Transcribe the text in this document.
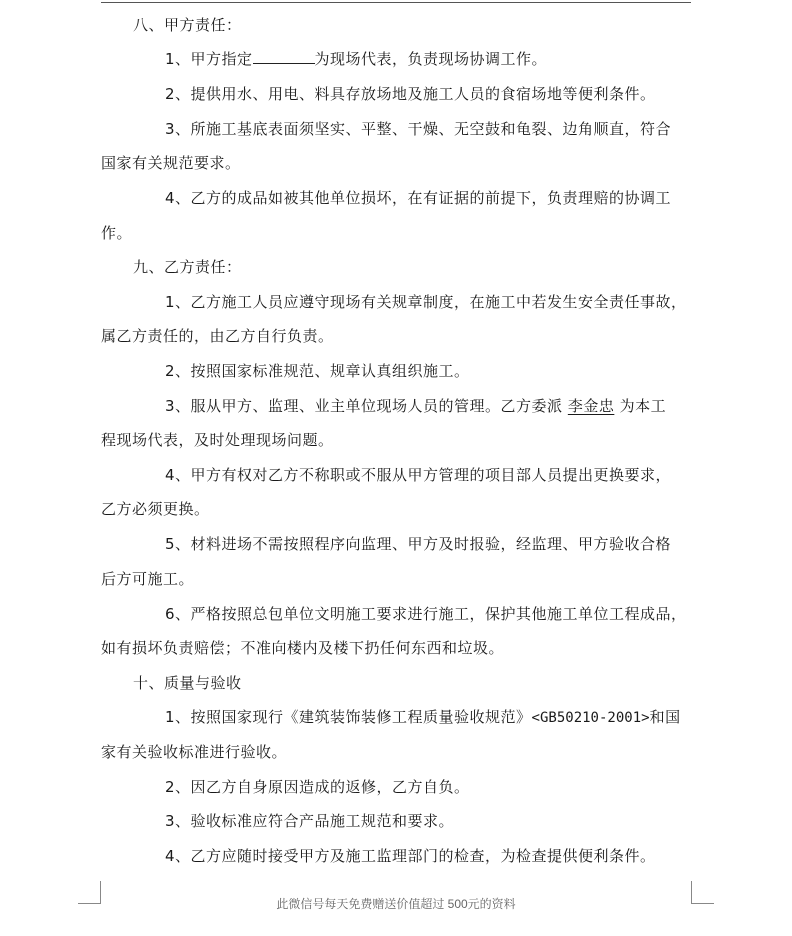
八、甲方责任：
1、甲方指定	为现场代表，负责现场协调工作。
2、提供用水、用电、料具存放场地及施工人员的食宿场地等便利条件。
3、所施工基底表面须坚实、平整、干燥、无空鼓和龟裂、边角顺直，符合
国家有关规范要求。
4、乙方的成品如被其他单位损坏，在有证据的前提下，负责理赔的协调工
作。
九、乙方责任：
1、乙方施工人员应遵守现场有关规章制度，在施工中若发生安全责任事故，
属乙方责任的，由乙方自行负责。
2、按照国家标准规范、规章认真组织施工。
3、服从甲方、监理、业主单位现场人员的管理。乙方委派 李金忠 为本工
程现场代表，及时处理现场问题。
4、甲方有权对乙方不称职或不服从甲方管理的项目部人员提出更换要求，
乙方必须更换。
5、材料进场不需按照程序向监理、甲方及时报验，经监理、甲方验收合格
后方可施工。
6、严格按照总包单位文明施工要求进行施工，保护其他施工单位工程成品，
如有损坏负责赔偿；不准向楼内及楼下扔任何东西和垃圾。
十、质量与验收
1、按照国家现行《建筑装饰装修工程质量验收规范》<GB50210-2001>和国
家有关验收标准进行验收。
2、因乙方自身原因造成的返修，乙方自负。
3、验收标准应符合产品施工规范和要求。
4、乙方应随时接受甲方及施工监理部门的检查，为检查提供便利条件。
此微信号每天免费赠送价值超过 500元的资料
